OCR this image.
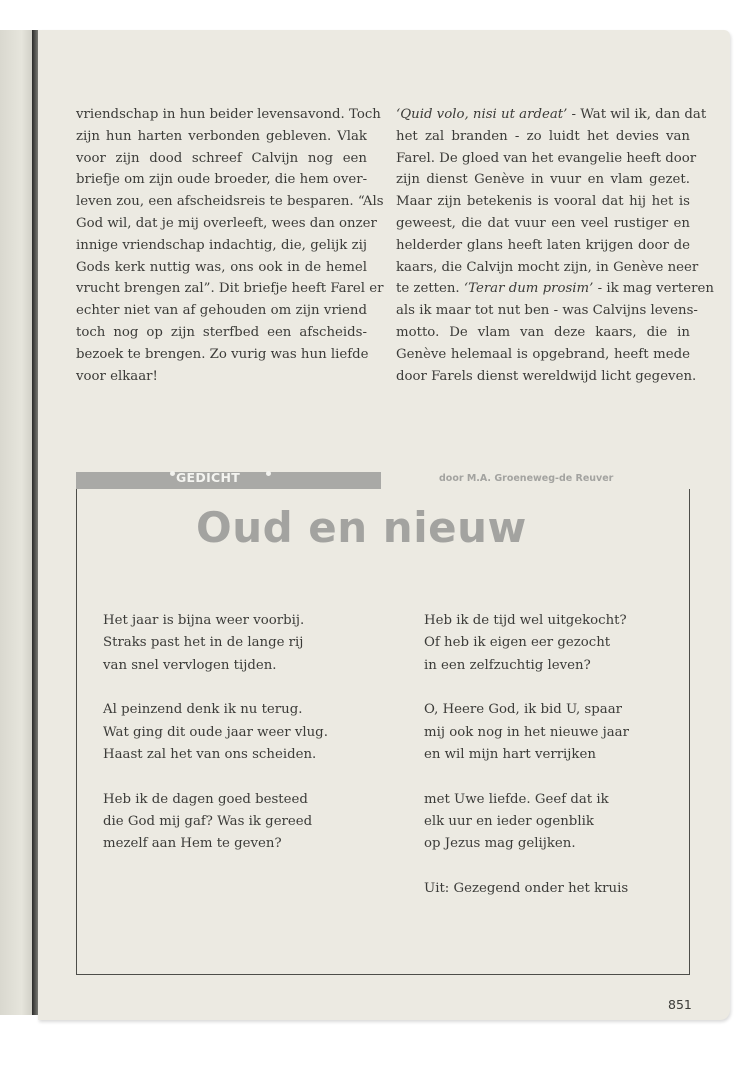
vriendschap in hun beider levensavond. Toch
zijn hun harten verbonden gebleven. Vlak
voor zijn dood schreef Calvijn nog een
briefje om zijn oude broeder, die hem over-
leven zou, een afscheidsreis te besparen. “Als
God wil, dat je mij overleeft, wees dan onzer
innige vriendschap indachtig, die, gelijk zij
Gods kerk nuttig was, ons ook in de hemel
vrucht brengen zal”. Dit briefje heeft Farel er
echter niet van af gehouden om zijn vriend
toch nog op zijn sterfbed een afscheids-
bezoek te brengen. Zo vurig was hun liefde
voor elkaar!
‘Quid volo, nisi ut ardeat’ - Wat wil ik, dan dat
het zal branden - zo luidt het devies van
Farel. De gloed van het evangelie heeft door
zijn dienst Genève in vuur en vlam gezet.
Maar zijn betekenis is vooral dat hij het is
geweest, die dat vuur een veel rustiger en
helderder glans heeft laten krijgen door de
kaars, die Calvijn mocht zijn, in Genève neer
te zetten. ‘Terar dum prosim’ - ik mag verteren
als ik maar tot nut ben - was Calvijns levens-
motto. De vlam van deze kaars, die in
Genève helemaal is opgebrand, heeft mede
door Farels dienst wereldwijd licht gegeven.
GEDICHT	door M.A. Groeneweg-de Reuver
Oud en nieuw
Het jaar is bijna weer voorbij.
Straks past het in de lange rij
van snel vervlogen tijden.
Al peinzend denk ik nu terug.
Wat ging dit oude jaar weer vlug.
Haast zal het van ons scheiden.
Heb ik de dagen goed besteed
die God mij gaf? Was ik gereed
mezelf aan Hem te geven?
Heb ik de tijd wel uitgekocht?
Of heb ik eigen eer gezocht
in een zelfzuchtig leven?
O, Heere God, ik bid U, spaar
mij ook nog in het nieuwe jaar
en wil mijn hart verrijken
met Uwe liefde. Geef dat ik
elk uur en ieder ogenblik
op Jezus mag gelijken.
Uit: Gezegend onder het kruis
851
